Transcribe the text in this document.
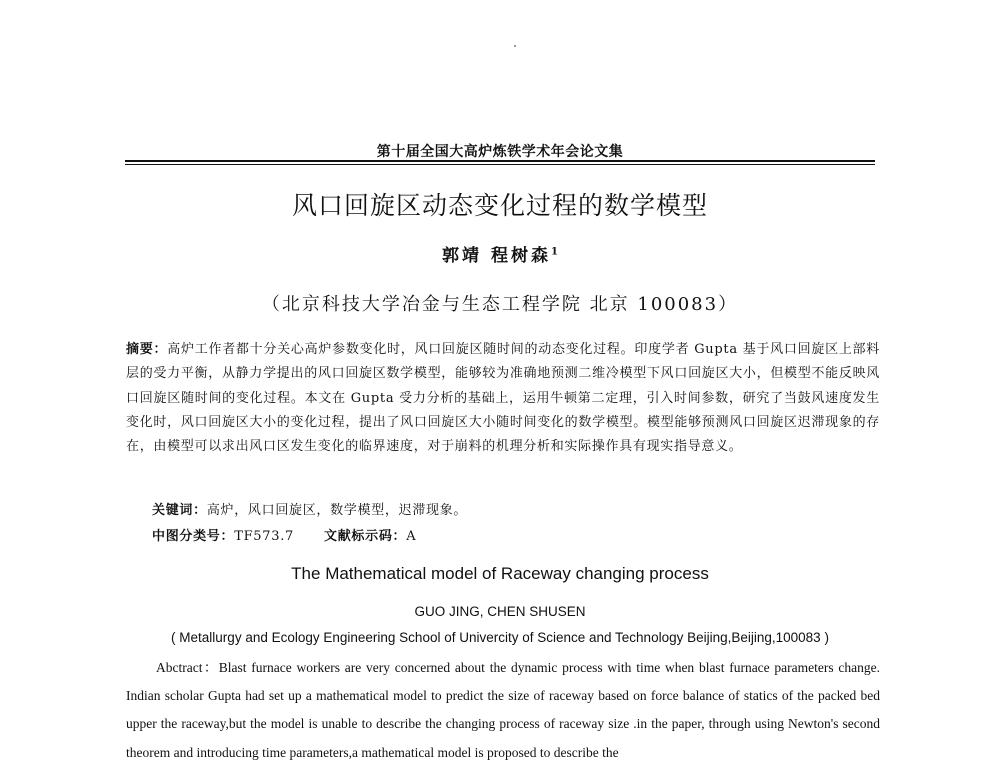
第十届全国大高炉炼铁学术年会论文集
风口回旋区动态变化过程的数学模型
郭靖 程树森$^1$
（北京科技大学冶金与生态工程学院 北京 100083）
摘要：高炉工作者都十分关心高炉参数变化时，风口回旋区随时间的动态变化过程。印度学者 Gupta 基于风口回旋区上部料层的受力平衡，从静力学提出的风口回旋区数学模型，能够较为准确地预测二维冷模型下风口回旋区大小，但模型不能反映风口回旋区随时间的变化过程。本文在 Gupta 受力分析的基础上，运用牛顿第二定理，引入时间参数，研究了当鼓风速度发生变化时，风口回旋区大小的变化过程，提出了风口回旋区大小随时间变化的数学模型。模型能够预测风口回旋区迟滞现象的存在，由模型可以求出风口区发生变化的临界速度，对于崩料的机理分析和实际操作具有现实指导意义。
关键词：高炉，风口回旋区，数学模型，迟滞现象。
中图分类号：TF573.7 文献标示码：A
The Mathematical model of Raceway changing process
GUO JING, CHEN SHUSEN
( Metallurgy and Ecology Engineering School of Univercity of Science and Technology Beijing,Beijing,100083 )
Abctract：Blast furnace workers are very concerned about the dynamic process with time when blast furnace parameters change. Indian scholar Gupta had set up a mathematical model to predict the size of raceway based on force balance of statics of the packed bed upper the raceway,but the model is unable to describe the changing process of raceway size .in the paper, through using Newton's second theorem and introducing time parameters,a mathematical model is proposed to describe the
